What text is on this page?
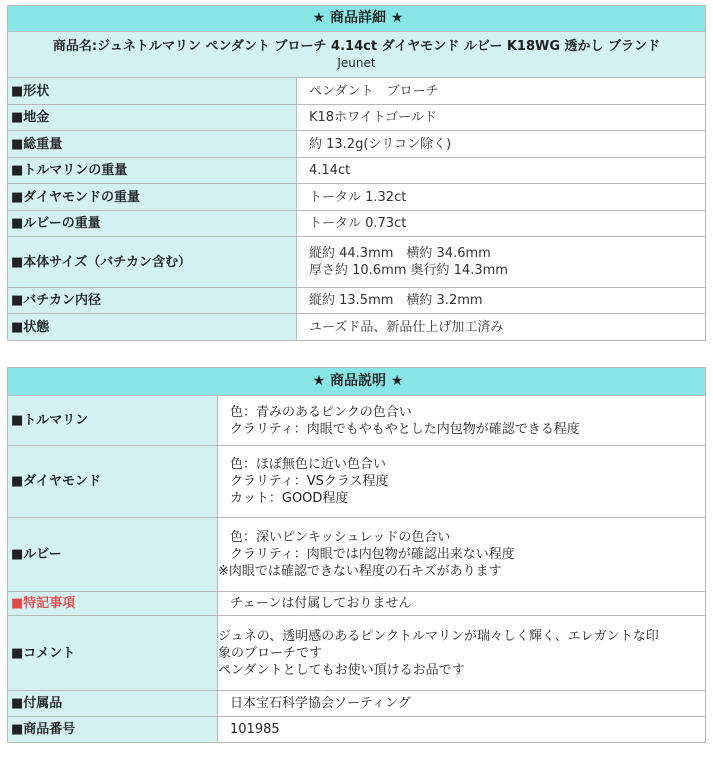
★ 商品詳細 ★	

商品名:ジュネトルマリン ペンダント ブローチ 4.14ct ダイヤモンド ルビー K18WG 透かし ブランド
Jeunet	

■形状	ペンダント　ブローチ
■地金	K18ホワイトゴールド
■総重量	約 13.2g(シリコン除く)
■トルマリンの重量	4.14ct
■ダイヤモンドの重量	トータル 1.32ct
■ルビーの重量	トータル 0.73ct
■本体サイズ（バチカン含む）	縦約 44.3mm　横約 34.6mm
厚さ約 10.6mm 奥行約 14.3mm

■バチカン内径	縦約 13.5mm　横約 3.2mm
■状態	ユーズド品、新品仕上げ加工済み
★ 商品説明 ★	
■トルマリン	色：青みのあるピンクの色合い
クラリティ：肉眼でもやもやとした内包物が確認できる程度

■ダイヤモンド	色：ほぼ無色に近い色合い
クラリティ：VSクラス程度
カット：GOOD程度

■ルビー	色：深いピンキッシュレッドの色合い
クラリティ：肉眼では内包物が確認出来ない程度
※肉眼では確認できない程度の石キズがあります

■特記事項	チェーンは付属しておりません
■コメント	ジュネの、透明感のあるピンクトルマリンが瑞々しく輝く、エレガントな印
象のブローチです
ペンダントとしてもお使い頂けるお品です

■付属品	日本宝石科学協会ソーティング
■商品番号	101985
